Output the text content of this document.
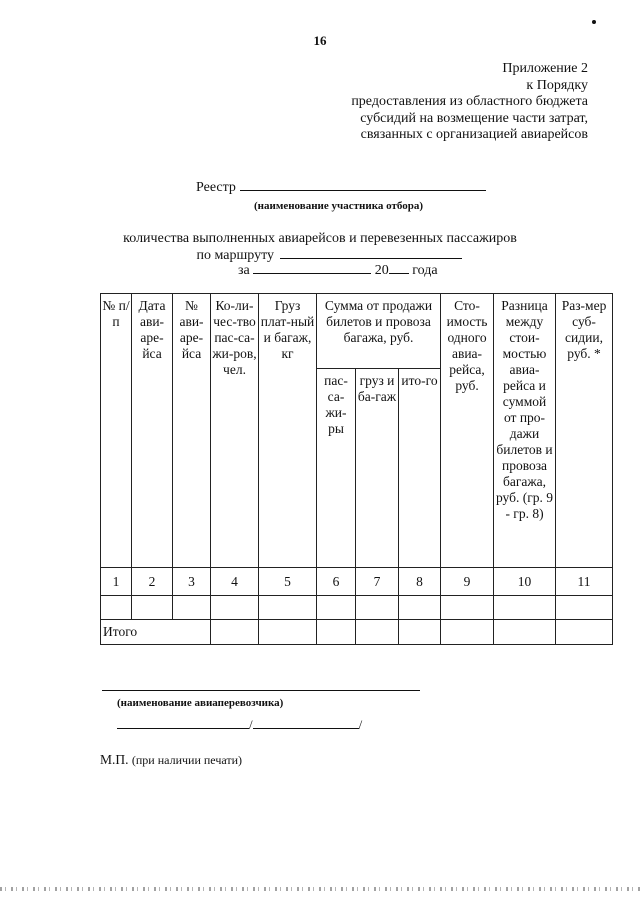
16
Приложение 2
к Порядку
предоставления из областного бюджета
субсидий на возмещение части затрат,
связанных с организацией авиарейсов
Реестр
(наименование участника отбора)
количества выполненных авиарейсов и перевезенных пассажиров
по маршруту
за	20 года
№ п/п	Дата ави-аре-йса	№ ави-аре-йса	Ко-ли-чес-тво пас-са-жи-ров, чел.	Груз плат-ный и багаж, кг	Сумма от продажи билетов и провоза багажа, руб.			Сто-имость одного авиа-рейса, руб.	Разница между стои-мостью авиа-рейса и суммой от про-дажи билетов и провоза багажа, руб. (гр. 9 - гр. 8)	Раз-мер суб-сидии, руб. *
					пас-са-жи-ры	груз и ба-гаж	ито-го			
1	2	3	4	5	6	7	8	9	10	11

Итого										
(наименование авиаперевозчика)
/	/
М.П. (при наличии печати)
